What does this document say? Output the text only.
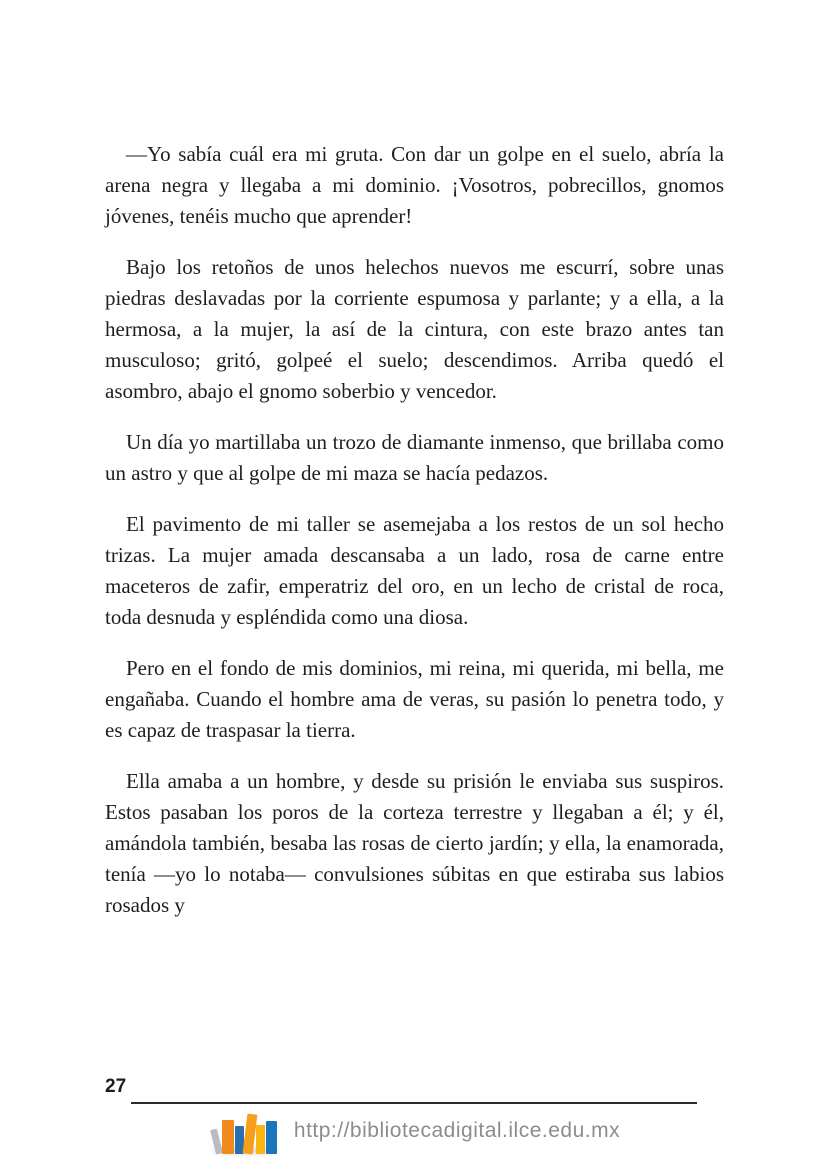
—Yo sabía cuál era mi gruta. Con dar un golpe en el suelo, abría la arena negra y llegaba a mi dominio. ¡Vosotros, pobrecillos, gnomos jóvenes, tenéis mucho que aprender!

Bajo los retoños de unos helechos nuevos me escurrí, sobre unas piedras deslavadas por la corriente espumosa y parlante; y a ella, a la hermosa, a la mujer, la así de la cintura, con este brazo antes tan musculoso; gritó, golpeé el suelo; descendimos. Arriba quedó el asombro, abajo el gnomo soberbio y vencedor.

Un día yo martillaba un trozo de diamante inmenso, que brillaba como un astro y que al golpe de mi maza se hacía pedazos.

El pavimento de mi taller se asemejaba a los restos de un sol hecho trizas. La mujer amada descansaba a un lado, rosa de carne entre maceteros de zafir, emperatriz del oro, en un lecho de cristal de roca, toda desnuda y espléndida como una diosa.

Pero en el fondo de mis dominios, mi reina, mi querida, mi bella, me engañaba. Cuando el hombre ama de veras, su pasión lo penetra todo, y es capaz de traspasar la tierra.

Ella amaba a un hombre, y desde su prisión le enviaba sus suspiros. Estos pasaban los poros de la corteza terrestre y llegaban a él; y él, amándola también, besaba las rosas de cierto jardín; y ella, la enamorada, tenía —yo lo notaba— convulsiones súbitas en que estiraba sus labios rosados y

27
http://bibliotecadigital.ilce.edu.mx
